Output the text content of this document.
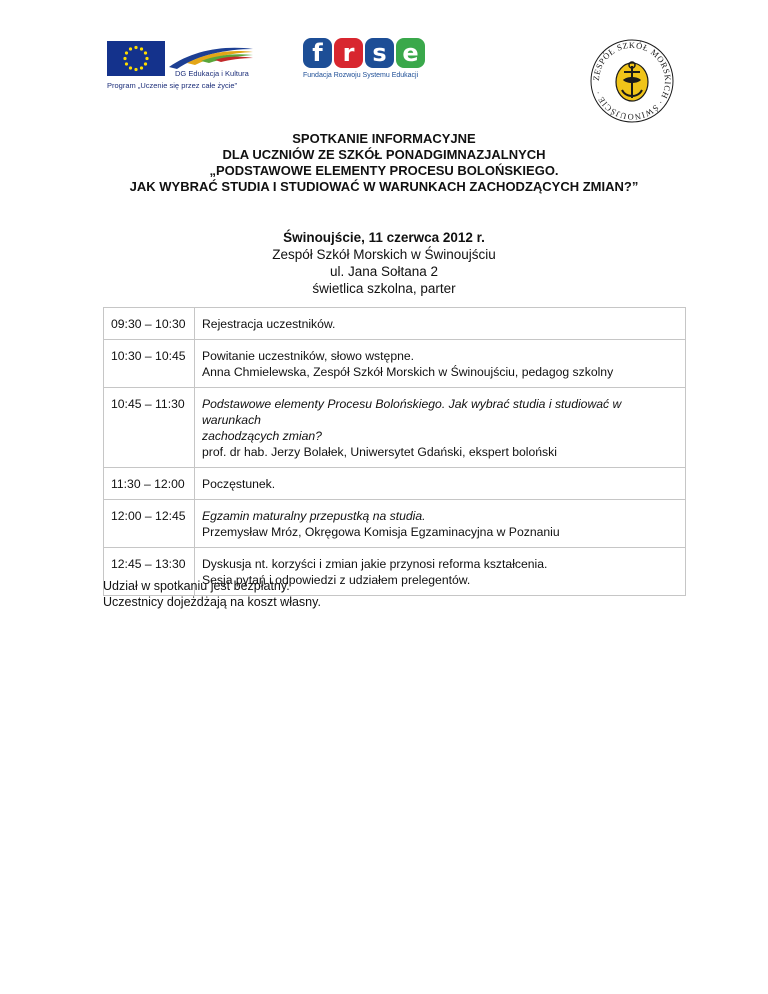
DG Edukacja i Kultura
Program „Uczenie się przez całe życie”
f r s e
Fundacja Rozwoju Systemu Edukacji	ZESPÓŁ SZKÓŁ MORSKICH · ŚWINOUJŚCIE ·
SPOTKANIE INFORMACYJNE
DLA UCZNIÓW ZE SZKÓŁ PONADGIMNAZJALNYCH
„PODSTAWOWE ELEMENTY PROCESU BOLOŃSKIEGO.
JAK WYBRAĆ STUDIA I STUDIOWAĆ W WARUNKACH ZACHODZĄCYCH ZMIAN?”
Świnoujście, 11 czerwca 2012 r.
Zespół Szkół Morskich w Świnoujściu
ul. Jana Sołtana 2
świetlica szkolna, parter
09:30 – 10:30	Rejestracja uczestników.

10:30 – 10:45	Powitanie uczestników, słowo wstępne.
Anna Chmielewska, Zespół Szkół Morskich w Świnoujściu, pedagog szkolny

10:45 – 11:30	Podstawowe elementy Procesu Bolońskiego. Jak wybrać studia i studiować w warunkach
zachodzących zmian?
prof. dr hab. Jerzy Bolałek, Uniwersytet Gdański, ekspert boloński

11:30 – 12:00	Poczęstunek.

12:00 – 12:45	Egzamin maturalny przepustką na studia.
Przemysław Mróz, Okręgowa Komisja Egzaminacyjna w Poznaniu

12:45 – 13:30	Dyskusja nt. korzyści i zmian jakie przynosi reforma kształcenia.
Sesja pytań i odpowiedzi z udziałem prelegentów.
Udział w spotkaniu jest bezpłatny.
Uczestnicy dojeżdżają na koszt własny.
